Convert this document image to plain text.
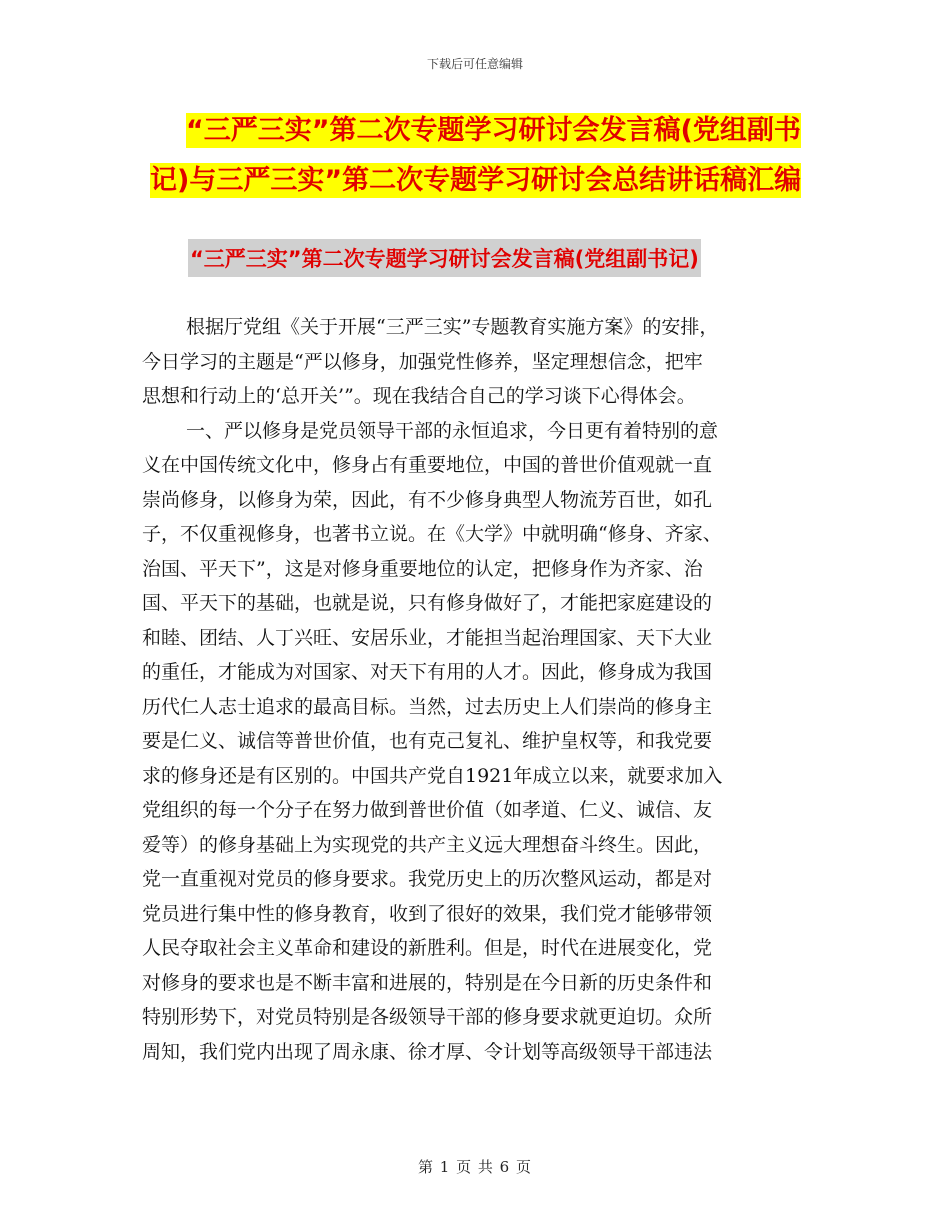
下载后可任意编辑
“三严三实”第二次专题学习研讨会发言稿(党组副书
记)与三严三实”第二次专题学习研讨会总结讲话稿汇编
“三严三实”第二次专题学习研讨会发言稿(党组副书记)
根据厅党组《关于开展“三严三实”专题教育实施方案》的安排，
今日学习的主题是“严以修身，加强党性修养，坚定理想信念，把牢
思想和行动上的‘总开关’”。现在我结合自己的学习谈下心得体会。
一、严以修身是党员领导干部的永恒追求，今日更有着特别的意
义在中国传统文化中，修身占有重要地位，中国的普世价值观就一直
崇尚修身，以修身为荣，因此，有不少修身典型人物流芳百世，如孔
子，不仅重视修身，也著书立说。在《大学》中就明确“修身、齐家、
治国、平天下”，这是对修身重要地位的认定，把修身作为齐家、治
国、平天下的基础，也就是说，只有修身做好了，才能把家庭建设的
和睦、团结、人丁兴旺、安居乐业，才能担当起治理国家、天下大业
的重任，才能成为对国家、对天下有用的人才。因此，修身成为我国
历代仁人志士追求的最高目标。当然，过去历史上人们崇尚的修身主
要是仁义、诚信等普世价值，也有克己复礼、维护皇权等，和我党要
求的修身还是有区别的。中国共产党自1921年成立以来，就要求加入
党组织的每一个分子在努力做到普世价值（如孝道、仁义、诚信、友
爱等）的修身基础上为实现党的共产主义远大理想奋斗终生。因此，
党一直重视对党员的修身要求。我党历史上的历次整风运动，都是对
党员进行集中性的修身教育，收到了很好的效果，我们党才能够带领
人民夺取社会主义革命和建设的新胜利。但是，时代在进展变化，党
对修身的要求也是不断丰富和进展的，特别是在今日新的历史条件和
特别形势下，对党员特别是各级领导干部的修身要求就更迫切。众所
周知，我们党内出现了周永康、徐才厚、令计划等高级领导干部违法
第 1 页 共 6 页
